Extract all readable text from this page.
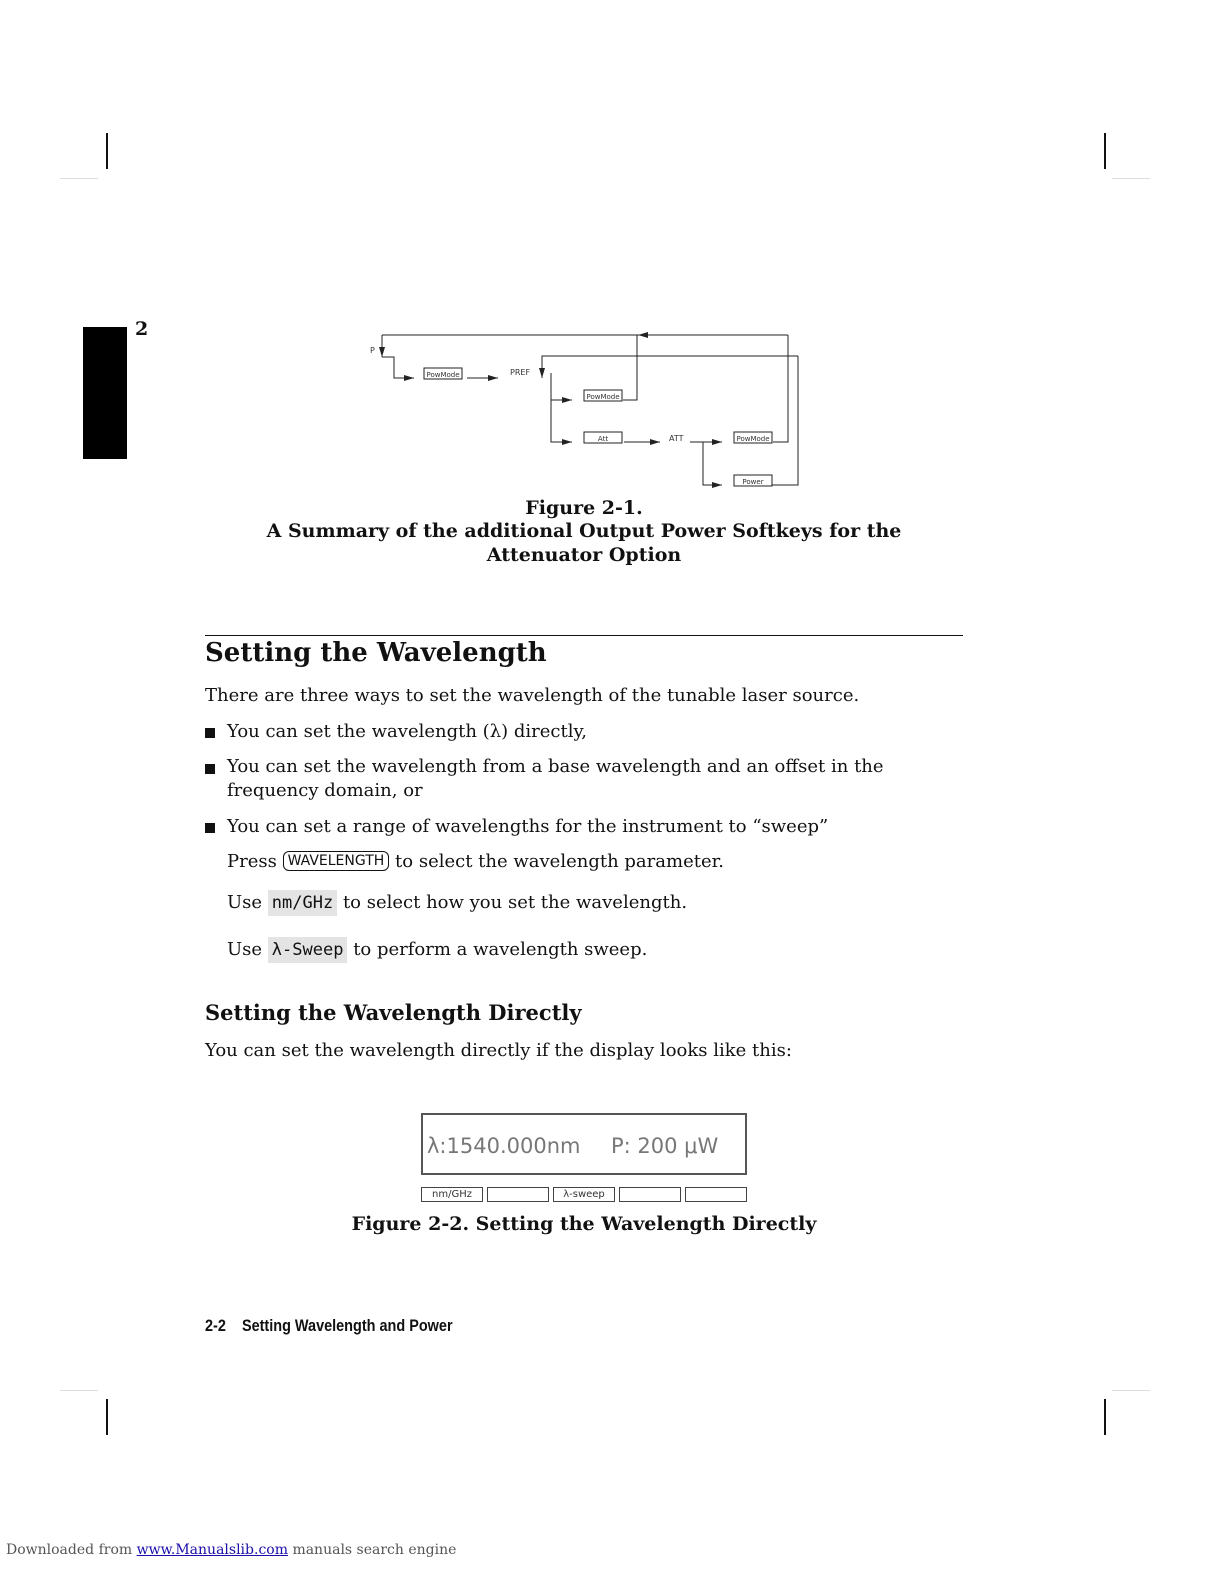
2
P
PREF
ATT
PowMode
PowMode
Att	PowMode
Power
Figure 2-1.
A Summary of the additional Output Power Softkeys for the
Attenuator Option
Setting the Wavelength
There are three ways to set the wavelength of the tunable laser source.
You can set the wavelength (λ) directly,
You can set the wavelength from a base wavelength and an offset in the
frequency domain, or
You can set a range of wavelengths for the instrument to “sweep”
Press WAVELENGTH to select the wavelength parameter.
Use nm/GHz to select how you set the wavelength.
Use λ-Sweep to perform a wavelength sweep.
Setting the Wavelength Directly
You can set the wavelength directly if the display looks like this:
λ:1540.000nm P: 200 μW
nm/GHz	λ-sweep
Figure 2-2. Setting the Wavelength Directly
2-2    Setting Wavelength and Power
Downloaded from www.Manualslib.com manuals search engine
